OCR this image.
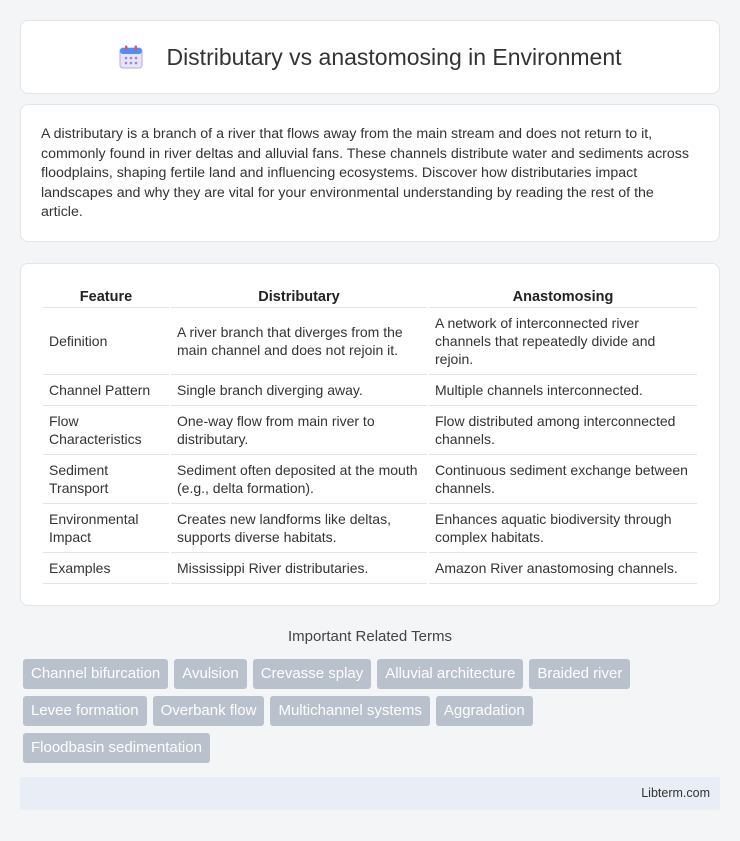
Distributary vs anastomosing in Environment

A distributary is a branch of a river that flows away from the main stream and does not return to it, commonly found in river deltas and alluvial fans. These channels distribute water and sediments across floodplains, shaping fertile land and influencing ecosystems. Discover how distributaries impact landscapes and why they are vital for your environmental understanding by reading the rest of the article.

Feature	Distributary	Anastomosing
Definition	A river branch that diverges from the main channel and does not rejoin it.	A network of interconnected river channels that repeatedly divide and rejoin.
Channel Pattern	Single branch diverging away.	Multiple channels interconnected.
Flow Characteristics	One-way flow from main river to distributary.	Flow distributed among interconnected channels.
Sediment Transport	Sediment often deposited at the mouth (e.g., delta formation).	Continuous sediment exchange between channels.
Environmental Impact	Creates new landforms like deltas, supports diverse habitats.	Enhances aquatic biodiversity through complex habitats.
Examples	Mississippi River distributaries.	Amazon River anastomosing channels.
Important Related Terms
Channel bifurcation	Avulsion	Crevasse splay	Alluvial architecture	Braided river
Levee formation	Overbank flow	Multichannel systems	Aggradation
Floodbasin sedimentation
Libterm.com
